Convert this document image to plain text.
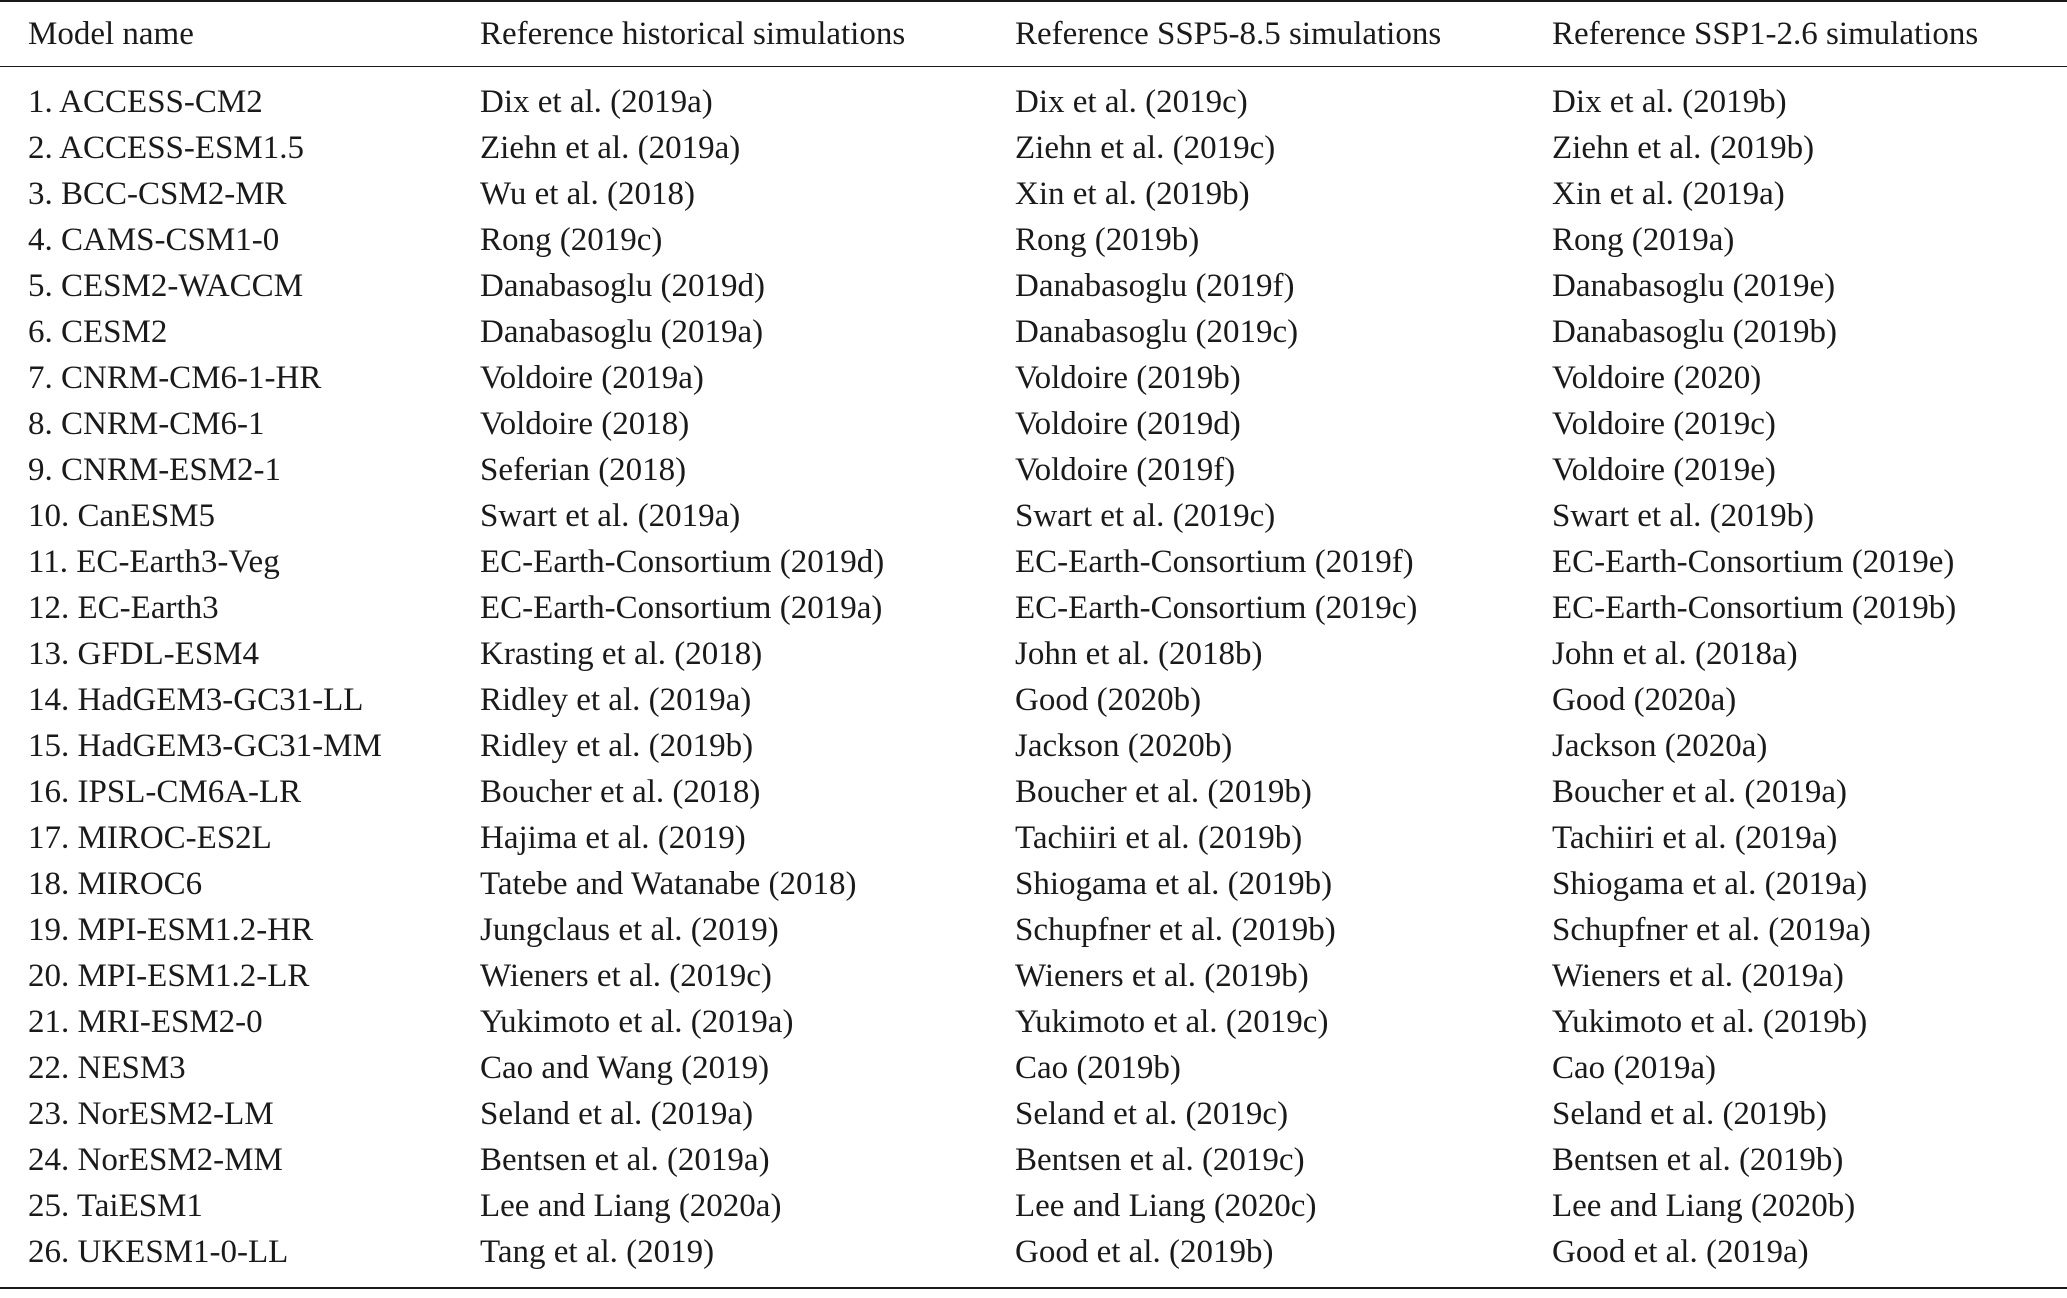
Model name	Reference historical simulations	Reference SSP5-8.5 simulations	Reference SSP1-2.6 simulations

1. ACCESS-CM2	Dix et al. (2019a)	Dix et al. (2019c)	Dix et al. (2019b)
2. ACCESS-ESM1.5	Ziehn et al. (2019a)	Ziehn et al. (2019c)	Ziehn et al. (2019b)
3. BCC-CSM2-MR	Wu et al. (2018)	Xin et al. (2019b)	Xin et al. (2019a)
4. CAMS-CSM1-0	Rong (2019c)	Rong (2019b)	Rong (2019a)
5. CESM2-WACCM	Danabasoglu (2019d)	Danabasoglu (2019f)	Danabasoglu (2019e)
6. CESM2	Danabasoglu (2019a)	Danabasoglu (2019c)	Danabasoglu (2019b)
7. CNRM-CM6-1-HR	Voldoire (2019a)	Voldoire (2019b)	Voldoire (2020)
8. CNRM-CM6-1	Voldoire (2018)	Voldoire (2019d)	Voldoire (2019c)
9. CNRM-ESM2-1	Seferian (2018)	Voldoire (2019f)	Voldoire (2019e)
10. CanESM5	Swart et al. (2019a)	Swart et al. (2019c)	Swart et al. (2019b)
11. EC-Earth3-Veg	EC-Earth-Consortium (2019d)	EC-Earth-Consortium (2019f)	EC-Earth-Consortium (2019e)
12. EC-Earth3	EC-Earth-Consortium (2019a)	EC-Earth-Consortium (2019c)	EC-Earth-Consortium (2019b)
13. GFDL-ESM4	Krasting et al. (2018)	John et al. (2018b)	John et al. (2018a)
14. HadGEM3-GC31-LL	Ridley et al. (2019a)	Good (2020b)	Good (2020a)
15. HadGEM3-GC31-MM	Ridley et al. (2019b)	Jackson (2020b)	Jackson (2020a)
16. IPSL-CM6A-LR	Boucher et al. (2018)	Boucher et al. (2019b)	Boucher et al. (2019a)
17. MIROC-ES2L	Hajima et al. (2019)	Tachiiri et al. (2019b)	Tachiiri et al. (2019a)
18. MIROC6	Tatebe and Watanabe (2018)	Shiogama et al. (2019b)	Shiogama et al. (2019a)
19. MPI-ESM1.2-HR	Jungclaus et al. (2019)	Schupfner et al. (2019b)	Schupfner et al. (2019a)
20. MPI-ESM1.2-LR	Wieners et al. (2019c)	Wieners et al. (2019b)	Wieners et al. (2019a)
21. MRI-ESM2-0	Yukimoto et al. (2019a)	Yukimoto et al. (2019c)	Yukimoto et al. (2019b)
22. NESM3	Cao and Wang (2019)	Cao (2019b)	Cao (2019a)
23. NorESM2-LM	Seland et al. (2019a)	Seland et al. (2019c)	Seland et al. (2019b)
24. NorESM2-MM	Bentsen et al. (2019a)	Bentsen et al. (2019c)	Bentsen et al. (2019b)
25. TaiESM1	Lee and Liang (2020a)	Lee and Liang (2020c)	Lee and Liang (2020b)
26. UKESM1-0-LL	Tang et al. (2019)	Good et al. (2019b)	Good et al. (2019a)
